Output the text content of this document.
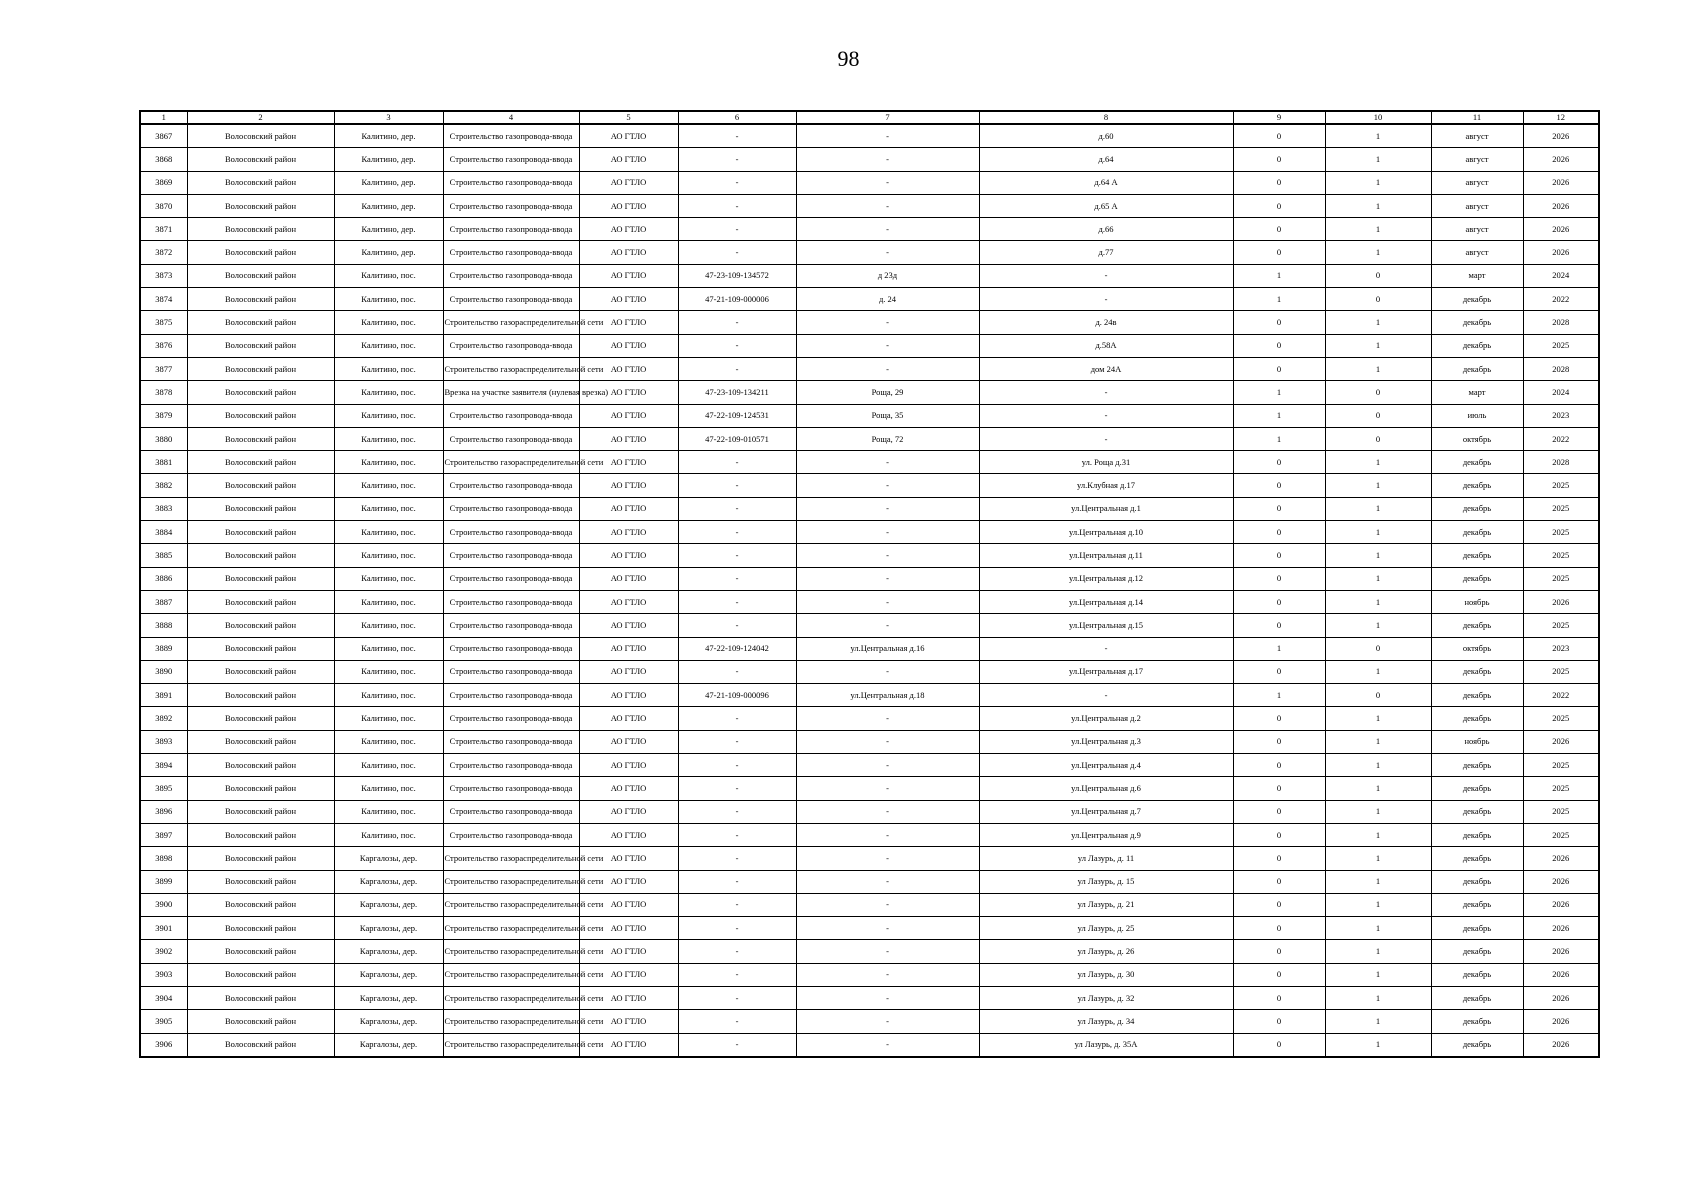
98
1	2	3	4	5	6	7	8	9	10	11	12
3867	Волосовский район	Калитино, дер.	Строительство газопровода-ввода	АО ГТЛО	-	-	д.60	0	1	август	2026
3868	Волосовский район	Калитино, дер.	Строительство газопровода-ввода	АО ГТЛО	-	-	д.64	0	1	август	2026
3869	Волосовский район	Калитино, дер.	Строительство газопровода-ввода	АО ГТЛО	-	-	д.64 А	0	1	август	2026
3870	Волосовский район	Калитино, дер.	Строительство газопровода-ввода	АО ГТЛО	-	-	д.65 А	0	1	август	2026
3871	Волосовский район	Калитино, дер.	Строительство газопровода-ввода	АО ГТЛО	-	-	д.66	0	1	август	2026
3872	Волосовский район	Калитино, дер.	Строительство газопровода-ввода	АО ГТЛО	-	-	д.77	0	1	август	2026
3873	Волосовский район	Калитино, пос.	Строительство газопровода-ввода	АО ГТЛО	47-23-109-134572	д 23д	-	1	0	март	2024
3874	Волосовский район	Калитино, пос.	Строительство газопровода-ввода	АО ГТЛО	47-21-109-000006	д. 24	-	1	0	декабрь	2022
3875	Волосовский район	Калитино, пос.	Строительство газораспределительной сети	АО ГТЛО	-	-	д. 24в	0	1	декабрь	2028
3876	Волосовский район	Калитино, пос.	Строительство газопровода-ввода	АО ГТЛО	-	-	д.58А	0	1	декабрь	2025
3877	Волосовский район	Калитино, пос.	Строительство газораспределительной сети	АО ГТЛО	-	-	дом 24А	0	1	декабрь	2028
3878	Волосовский район	Калитино, пос.	Врезка на участке заявителя (нулевая врезка)	АО ГТЛО	47-23-109-134211	Роща, 29	-	1	0	март	2024
3879	Волосовский район	Калитино, пос.	Строительство газопровода-ввода	АО ГТЛО	47-22-109-124531	Роща, 35	-	1	0	июль	2023
3880	Волосовский район	Калитино, пос.	Строительство газопровода-ввода	АО ГТЛО	47-22-109-010571	Роща, 72	-	1	0	октябрь	2022
3881	Волосовский район	Калитино, пос.	Строительство газораспределительной сети	АО ГТЛО	-	-	ул. Роща д.31	0	1	декабрь	2028
3882	Волосовский район	Калитино, пос.	Строительство газопровода-ввода	АО ГТЛО	-	-	ул.Клубная д.17	0	1	декабрь	2025
3883	Волосовский район	Калитино, пос.	Строительство газопровода-ввода	АО ГТЛО	-	-	ул.Центральная д.1	0	1	декабрь	2025
3884	Волосовский район	Калитино, пос.	Строительство газопровода-ввода	АО ГТЛО	-	-	ул.Центральная д.10	0	1	декабрь	2025
3885	Волосовский район	Калитино, пос.	Строительство газопровода-ввода	АО ГТЛО	-	-	ул.Центральная д.11	0	1	декабрь	2025
3886	Волосовский район	Калитино, пос.	Строительство газопровода-ввода	АО ГТЛО	-	-	ул.Центральная д.12	0	1	декабрь	2025
3887	Волосовский район	Калитино, пос.	Строительство газопровода-ввода	АО ГТЛО	-	-	ул.Центральная д.14	0	1	ноябрь	2026
3888	Волосовский район	Калитино, пос.	Строительство газопровода-ввода	АО ГТЛО	-	-	ул.Центральная д.15	0	1	декабрь	2025
3889	Волосовский район	Калитино, пос.	Строительство газопровода-ввода	АО ГТЛО	47-22-109-124042	ул.Центральная д.16	-	1	0	октябрь	2023
3890	Волосовский район	Калитино, пос.	Строительство газопровода-ввода	АО ГТЛО	-	-	ул.Центральная д.17	0	1	декабрь	2025
3891	Волосовский район	Калитино, пос.	Строительство газопровода-ввода	АО ГТЛО	47-21-109-000096	ул.Центральная д.18	-	1	0	декабрь	2022
3892	Волосовский район	Калитино, пос.	Строительство газопровода-ввода	АО ГТЛО	-	-	ул.Центральная д.2	0	1	декабрь	2025
3893	Волосовский район	Калитино, пос.	Строительство газопровода-ввода	АО ГТЛО	-	-	ул.Центральная д.3	0	1	ноябрь	2026
3894	Волосовский район	Калитино, пос.	Строительство газопровода-ввода	АО ГТЛО	-	-	ул.Центральная д.4	0	1	декабрь	2025
3895	Волосовский район	Калитино, пос.	Строительство газопровода-ввода	АО ГТЛО	-	-	ул.Центральная д.6	0	1	декабрь	2025
3896	Волосовский район	Калитино, пос.	Строительство газопровода-ввода	АО ГТЛО	-	-	ул.Центральная д.7	0	1	декабрь	2025
3897	Волосовский район	Калитино, пос.	Строительство газопровода-ввода	АО ГТЛО	-	-	ул.Центральная д.9	0	1	декабрь	2025
3898	Волосовский район	Каргалозы, дер.	Строительство газораспределительной сети	АО ГТЛО	-	-	ул Лазурь, д. 11	0	1	декабрь	2026
3899	Волосовский район	Каргалозы, дер.	Строительство газораспределительной сети	АО ГТЛО	-	-	ул Лазурь, д. 15	0	1	декабрь	2026
3900	Волосовский район	Каргалозы, дер.	Строительство газораспределительной сети	АО ГТЛО	-	-	ул Лазурь, д. 21	0	1	декабрь	2026
3901	Волосовский район	Каргалозы, дер.	Строительство газораспределительной сети	АО ГТЛО	-	-	ул Лазурь, д. 25	0	1	декабрь	2026
3902	Волосовский район	Каргалозы, дер.	Строительство газораспределительной сети	АО ГТЛО	-	-	ул Лазурь, д. 26	0	1	декабрь	2026
3903	Волосовский район	Каргалозы, дер.	Строительство газораспределительной сети	АО ГТЛО	-	-	ул Лазурь, д. 30	0	1	декабрь	2026
3904	Волосовский район	Каргалозы, дер.	Строительство газораспределительной сети	АО ГТЛО	-	-	ул Лазурь, д. 32	0	1	декабрь	2026
3905	Волосовский район	Каргалозы, дер.	Строительство газораспределительной сети	АО ГТЛО	-	-	ул Лазурь, д. 34	0	1	декабрь	2026
3906	Волосовский район	Каргалозы, дер.	Строительство газораспределительной сети	АО ГТЛО	-	-	ул Лазурь, д. 35А	0	1	декабрь	2026
